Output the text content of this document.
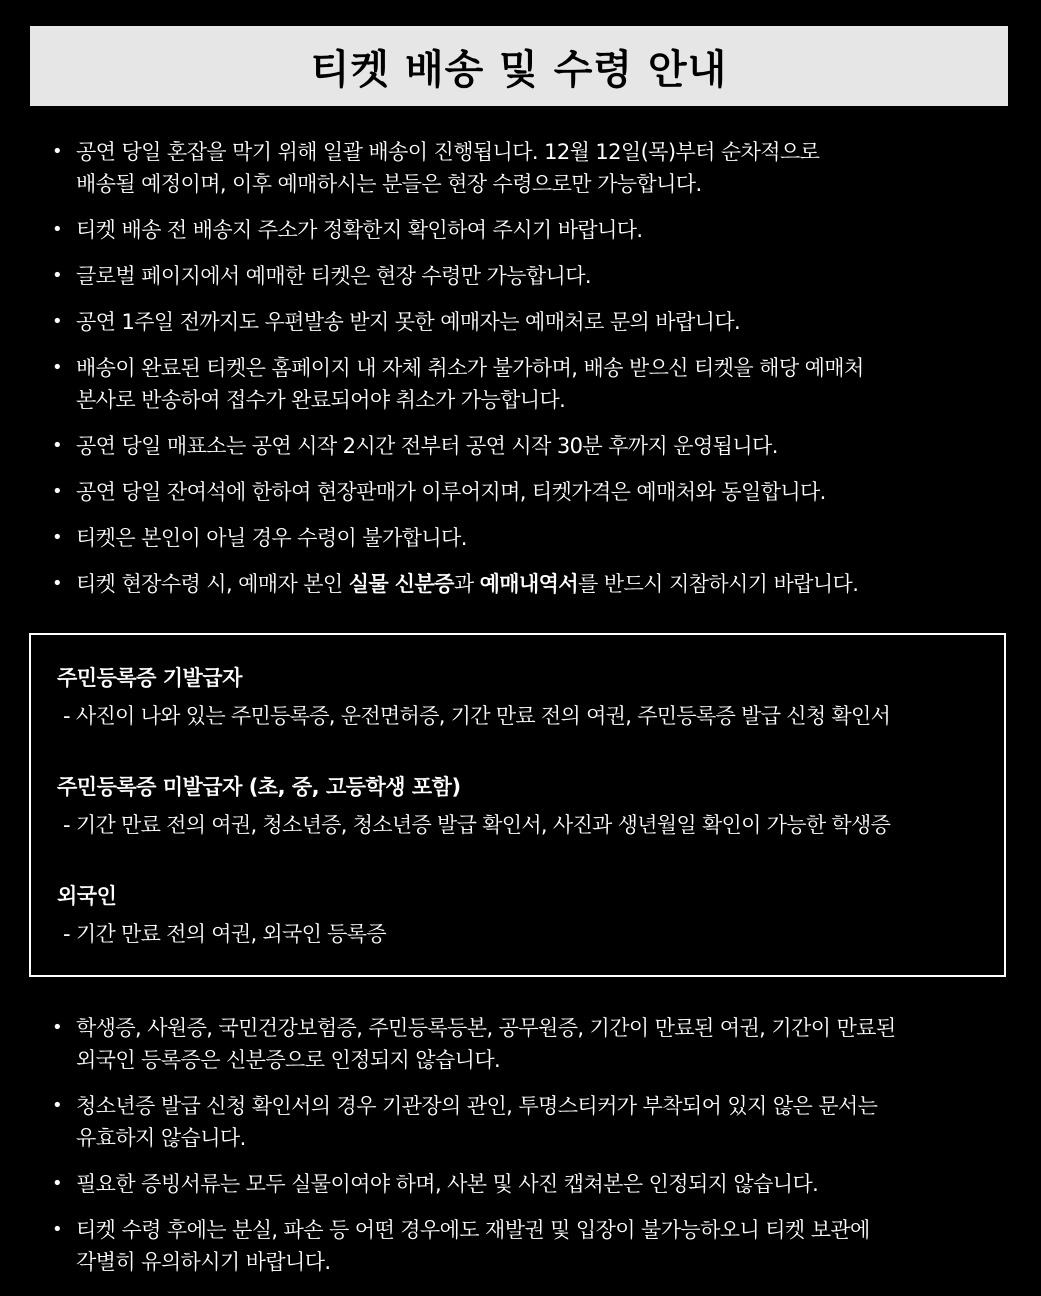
티켓 배송 및 수령 안내
• 공연 당일 혼잡을 막기 위해 일괄 배송이 진행됩니다. 12월 12일(목)부터 순차적으로
배송될 예정이며, 이후 예매하시는 분들은 현장 수령으로만 가능합니다.
• 티켓 배송 전 배송지 주소가 정확한지 확인하여 주시기 바랍니다.
• 글로벌 페이지에서 예매한 티켓은 현장 수령만 가능합니다.
• 공연 1주일 전까지도 우편발송 받지 못한 예매자는 예매처로 문의 바랍니다.
• 배송이 완료된 티켓은 홈페이지 내 자체 취소가 불가하며, 배송 받으신 티켓을 해당 예매처
본사로 반송하여 접수가 완료되어야 취소가 가능합니다.
• 공연 당일 매표소는 공연 시작 2시간 전부터 공연 시작 30분 후까지 운영됩니다.
• 공연 당일 잔여석에 한하여 현장판매가 이루어지며, 티켓가격은 예매처와 동일합니다.
• 티켓은 본인이 아닐 경우 수령이 불가합니다.
• 티켓 현장수령 시, 예매자 본인 실물 신분증과 예매내역서를 반드시 지참하시기 바랍니다.
주민등록증 기발급자

- 사진이 나와 있는 주민등록증, 운전면허증, 기간 만료 전의 여권, 주민등록증 발급 신청 확인서

주민등록증 미발급자 (초, 중, 고등학생 포함)

- 기간 만료 전의 여권, 청소년증, 청소년증 발급 확인서, 사진과 생년월일 확인이 가능한 학생증

외국인

- 기간 만료 전의 여권, 외국인 등록증

• 학생증, 사원증, 국민건강보험증, 주민등록등본, 공무원증, 기간이 만료된 여권, 기간이 만료된
외국인 등록증은 신분증으로 인정되지 않습니다.
• 청소년증 발급 신청 확인서의 경우 기관장의 관인, 투명스티커가 부착되어 있지 않은 문서는
유효하지 않습니다.
• 필요한 증빙서류는 모두 실물이여야 하며, 사본 및 사진 캡쳐본은 인정되지 않습니다.
• 티켓 수령 후에는 분실, 파손 등 어떤 경우에도 재발권 및 입장이 불가능하오니 티켓 보관에
각별히 유의하시기 바랍니다.
